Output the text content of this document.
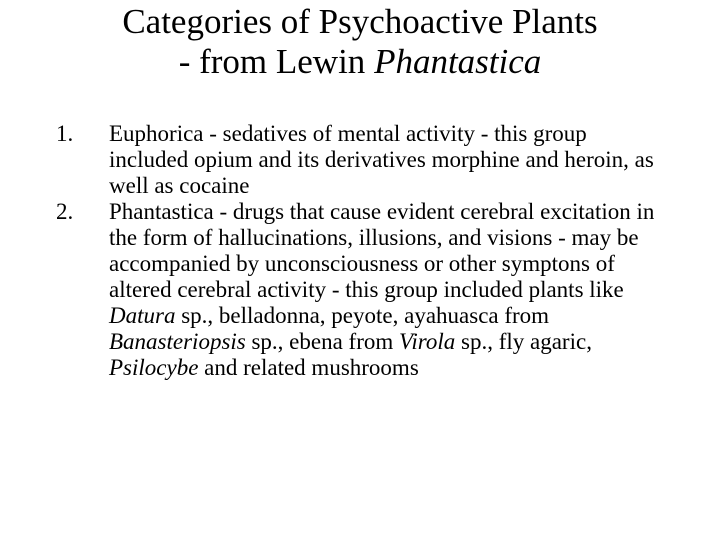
Categories of Psychoactive Plants
- from Lewin Phantastica
1.	Euphorica - sedatives of mental activity - this group included opium and its derivatives morphine and heroin, as well as cocaine
2.	Phantastica - drugs that cause evident cerebral excitation in the form of hallucinations, illusions, and visions - may be accompanied by unconsciousness or other symptons of altered cerebral activity - this group included plants like Datura sp., belladonna, peyote, ayahuasca from Banasteriopsis sp., ebena from Virola sp., fly agaric, Psilocybe and related mushrooms
